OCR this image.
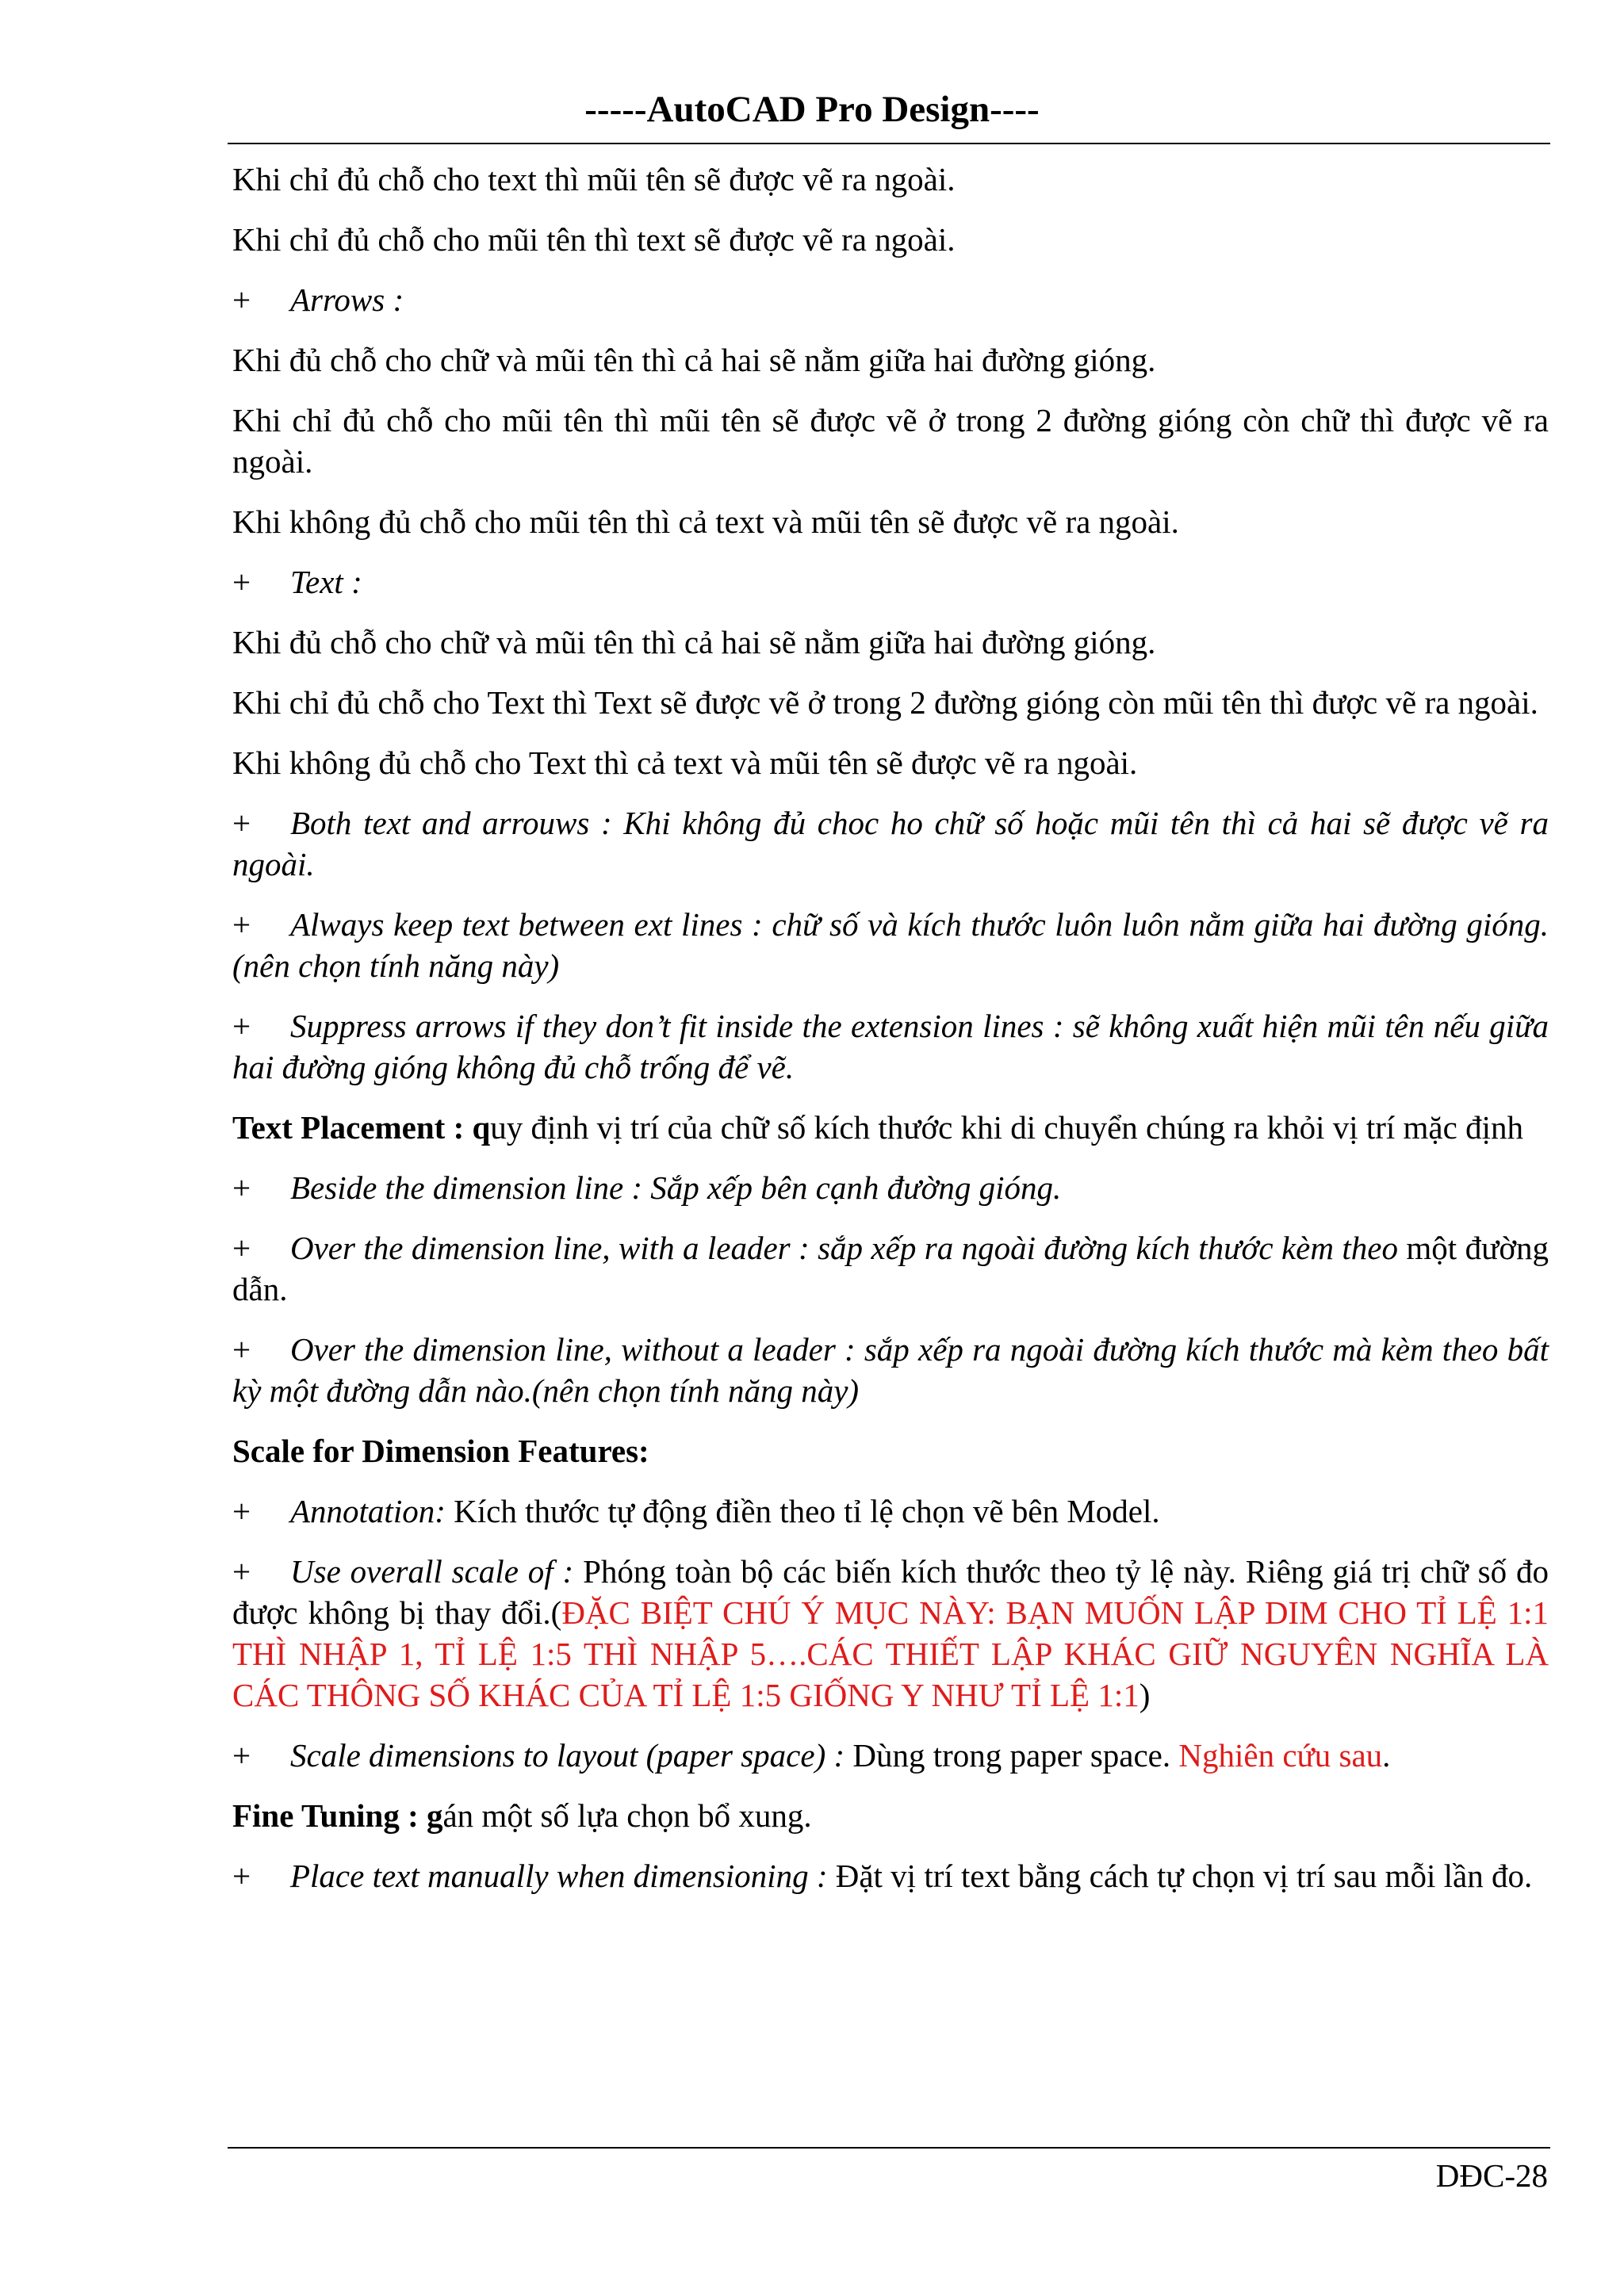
-----AutoCAD Pro Design----

Khi chỉ đủ chỗ cho text thì mũi tên sẽ được vẽ ra ngoài.

Khi chỉ đủ chỗ cho mũi tên thì text sẽ được vẽ ra ngoài.

+ Arrows :

Khi đủ chỗ cho chữ và mũi tên thì cả hai sẽ nằm giữa hai đường gióng.

Khi chỉ đủ chỗ cho mũi tên thì mũi tên sẽ được vẽ ở trong 2 đường gióng còn chữ thì được vẽ ra ngoài.

Khi không đủ chỗ cho mũi tên thì cả text và mũi tên sẽ được vẽ ra ngoài.

+ Text :

Khi đủ chỗ cho chữ và mũi tên thì cả hai sẽ nằm giữa hai đường gióng.

Khi chỉ đủ chỗ cho Text thì Text sẽ được vẽ ở trong 2 đường gióng còn mũi tên thì được vẽ ra ngoài.

Khi không đủ chỗ cho Text thì cả text và mũi tên sẽ được vẽ ra ngoài.

+ Both text and arrouws : Khi không đủ choc ho chữ số hoặc mũi tên thì cả hai sẽ được vẽ ra ngoài.

+ Always keep text between ext lines : chữ số và kích thước luôn luôn nằm giữa hai đường gióng.(nên chọn tính năng này)

+ Suppress arrows if they don’t fit inside the extension lines : sẽ không xuất hiện mũi tên nếu giữa hai đường gióng không đủ chỗ trống để vẽ.

Text Placement : quy định vị trí của chữ số kích thước khi di chuyển chúng ra khỏi vị trí mặc định

+ Beside the dimension line : Sắp xếp bên cạnh đường gióng.

+ Over the dimension line, with a leader : sắp xếp ra ngoài đường kích thước kèm theo một đường dẫn.

+ Over the dimension line, without a leader : sắp xếp ra ngoài đường kích thước mà kèm theo bất kỳ một đường dẫn nào.(nên chọn tính năng này)

Scale for Dimension Features:

+ Annotation: Kích thước tự động điền theo tỉ lệ chọn vẽ bên Model.

+ Use overall scale of : Phóng toàn bộ các biến kích thước theo tỷ lệ này. Riêng giá trị chữ số đo được không bị thay đổi.(ĐẶC BIỆT CHÚ Ý MỤC NÀY: BẠN MUỐN LẬP DIM CHO TỈ LỆ 1:1 THÌ NHẬP 1, TỈ LỆ 1:5 THÌ NHẬP 5….CÁC THIẾT LẬP KHÁC GIỮ NGUYÊN NGHĨA LÀ CÁC THÔNG SỐ KHÁC CỦA TỈ LỆ 1:5 GIỐNG Y NHƯ TỈ LỆ 1:1)

+ Scale dimensions to layout (paper space) : Dùng trong paper space. Nghiên cứu sau.

Fine Tuning : gán một số lựa chọn bổ xung.

+ Place text manually when dimensioning : Đặt vị trí text bằng cách tự chọn vị trí sau mỗi lần đo.

DĐC-28
